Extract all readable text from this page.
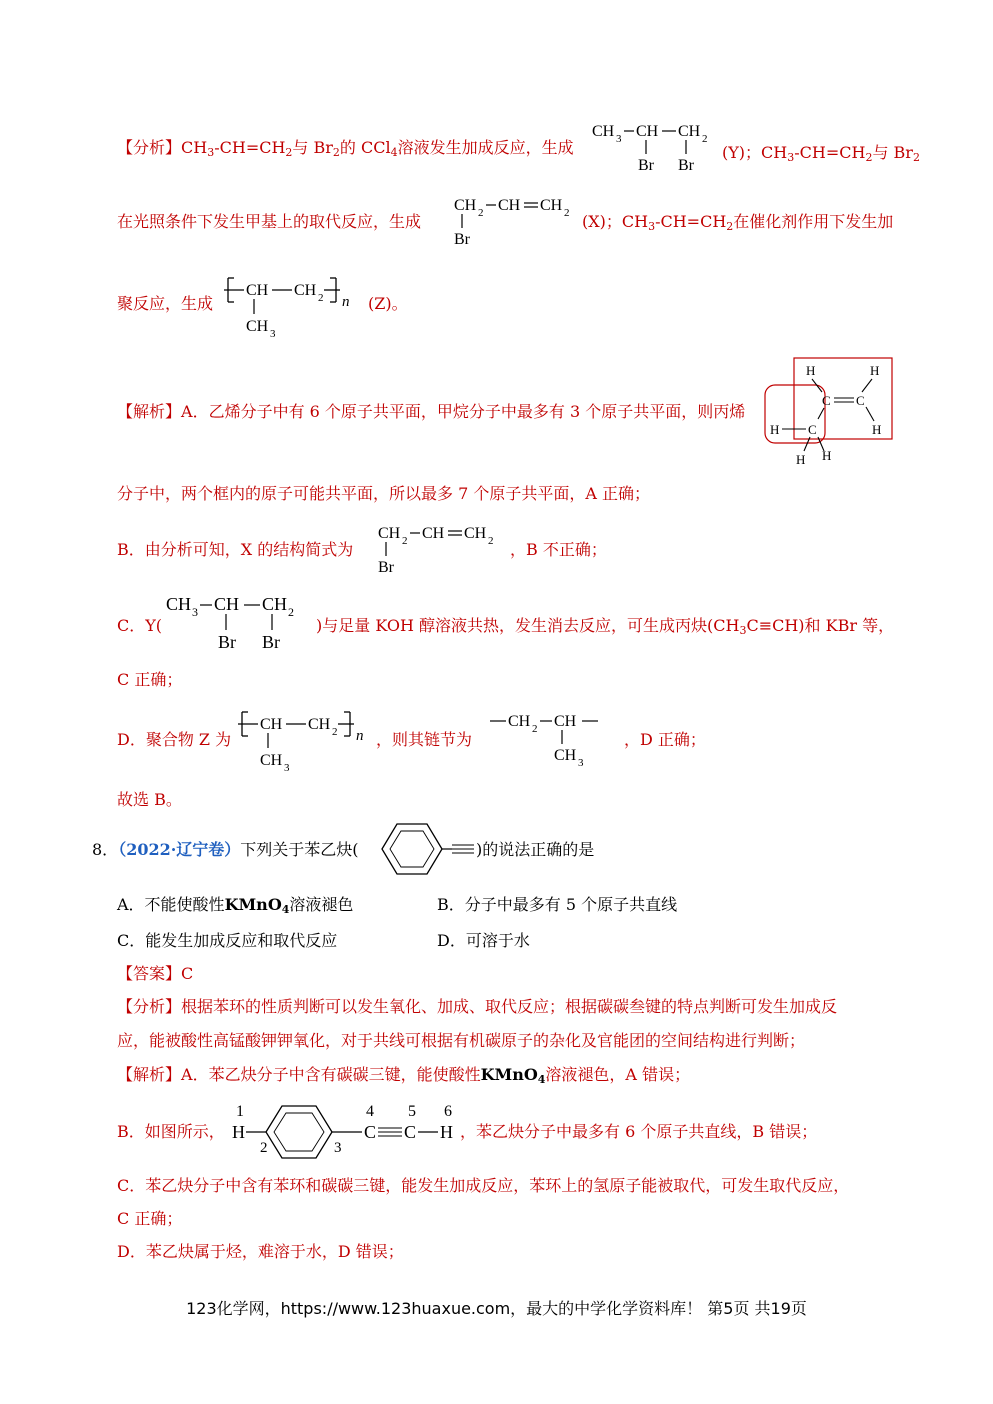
【分析】$CH_3-CH=CH_2$与 $Br_2$的 CCl$_4$溶液发生加成反应，生成
CH 3 CH CH 2
Br Br
(Y)；$CH_3-CH=CH_2$与 $Br_2$
在光照条件下发生甲基上的取代反应，生成
CH 2 CH CH 2
Br
(X)；$CH_3-CH=CH_2$在催化剂作用下发生加
聚反应，生成
CH CH 2 n
CH 3
(Z)。
【解析】A．乙烯分子中有 6 个原子共平面，甲烷分子中最多有 3 个原子共平面，则丙烯
H	H
C C
H
C
H
H H
分子中，两个框内的原子可能共平面，所以最多 7 个原子共平面，A 正确；
B．由分析可知，X 的结构简式为
CH 2 CH CH 2
Br
，B 不正确；
C．Y(
CH 3 CH CH 2
Br Br
)与足量 KOH 醇溶液共热，发生消去反应，可生成丙炔$(CH_3C\equiv CH)$和 KBr 等，
C 正确；
D．聚合物 Z 为
CH CH 2 n
CH 3
，则其链节为
CH 2 CH
CH 3
，D 正确；
故选 B。
8．（2022·辽宁卷）下列关于苯乙炔(	)的说法正确的是
A．不能使酸性KMnO$_4$溶液褪色	B．分子中最多有 5 个原子共直线
C．能发生加成反应和取代反应	D．可溶于水
【答案】C
【分析】根据苯环的性质判断可以发生氧化、加成、取代反应；根据碳碳叁键的特点判断可发生加成反
应，能被酸性高锰酸钾钾氧化，对于共线可根据有机碳原子的杂化及官能团的空间结构进行判断；
【解析】A．苯乙炔分子中含有碳碳三键，能使酸性KMnO$_4$溶液褪色，A 错误；
B．如图所示，
1
H
2	3
4
C
5
C
6
H ，苯乙炔分子中最多有 6 个原子共直线，B 错误；
C．苯乙炔分子中含有苯环和碳碳三键，能发生加成反应，苯环上的氢原子能被取代，可发生取代反应，
C 正确；
D．苯乙炔属于烃，难溶于水，D 错误；
123化学网，https://www.123huaxue.com，最大的中学化学资料库！ 第5页 共19页
